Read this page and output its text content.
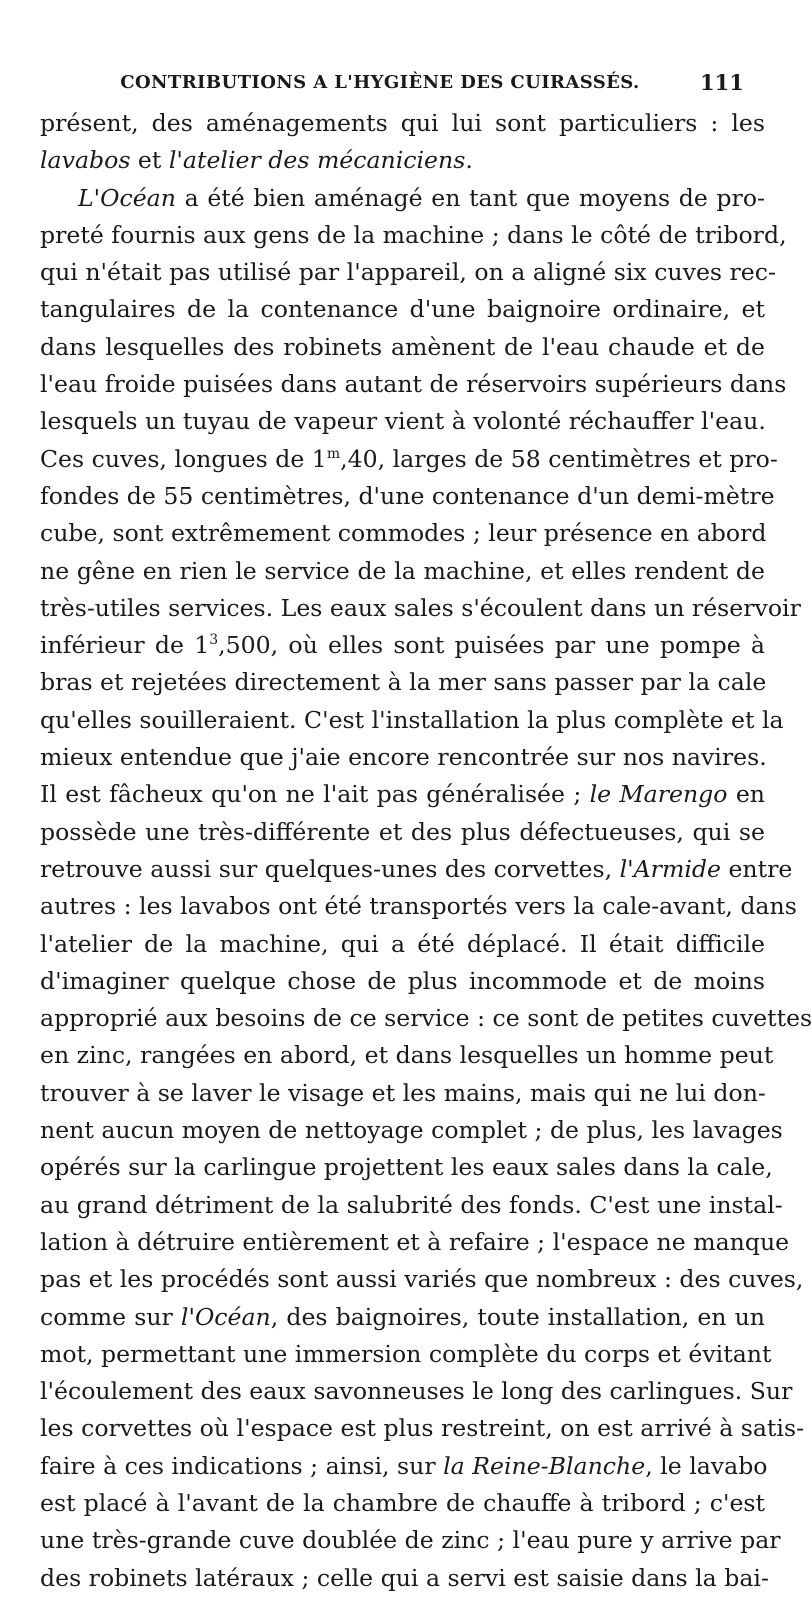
CONTRIBUTIONS A L'HYGIÈNE DES CUIRASSÉS.	111
présent, des aménagements qui lui sont particuliers : les
lavabos et l'atelier des mécaniciens.
L'Océan a été bien aménagé en tant que moyens de pro-
preté fournis aux gens de la machine ; dans le côté de tribord,
qui n'était pas utilisé par l'appareil, on a aligné six cuves rec-
tangulaires de la contenance d'une baignoire ordinaire, et
dans lesquelles des robinets amènent de l'eau chaude et de
l'eau froide puisées dans autant de réservoirs supérieurs dans
lesquels un tuyau de vapeur vient à volonté réchauffer l'eau.
Ces cuves, longues de 1$^m$,40, larges de 58 centimètres et pro-
fondes de 55 centimètres, d'une contenance d'un demi-mètre
cube, sont extrêmement commodes ; leur présence en abord
ne gêne en rien le service de la machine, et elles rendent de
très-utiles services. Les eaux sales s'écoulent dans un réservoir
inférieur de $1^3,500$, où elles sont puisées par une pompe à
bras et rejetées directement à la mer sans passer par la cale
qu'elles souilleraient. C'est l'installation la plus complète et la
mieux entendue que j'aie encore rencontrée sur nos navires.
Il est fâcheux qu'on ne l'ait pas généralisée ; le Marengo en
possède une très-différente et des plus défectueuses, qui se
retrouve aussi sur quelques-unes des corvettes, l'Armide entre
autres : les lavabos ont été transportés vers la cale-avant, dans
l'atelier de la machine, qui a été déplacé. Il était difficile
d'imaginer quelque chose de plus incommode et de moins
approprié aux besoins de ce service : ce sont de petites cuvettes
en zinc, rangées en abord, et dans lesquelles un homme peut
trouver à se laver le visage et les mains, mais qui ne lui don-
nent aucun moyen de nettoyage complet ; de plus, les lavages
opérés sur la carlingue projettent les eaux sales dans la cale,
au grand détriment de la salubrité des fonds. C'est une instal-
lation à détruire entièrement et à refaire ; l'espace ne manque
pas et les procédés sont aussi variés que nombreux : des cuves,
comme sur l'Océan, des baignoires, toute installation, en un
mot, permettant une immersion complète du corps et évitant
l'écoulement des eaux savonneuses le long des carlingues. Sur
les corvettes où l'espace est plus restreint, on est arrivé à satis-
faire à ces indications ; ainsi, sur la Reine-Blanche, le lavabo
est placé à l'avant de la chambre de chauffe à tribord ; c'est
une très-grande cuve doublée de zinc ; l'eau pure y arrive par
des robinets latéraux ; celle qui a servi est saisie dans la bai-
